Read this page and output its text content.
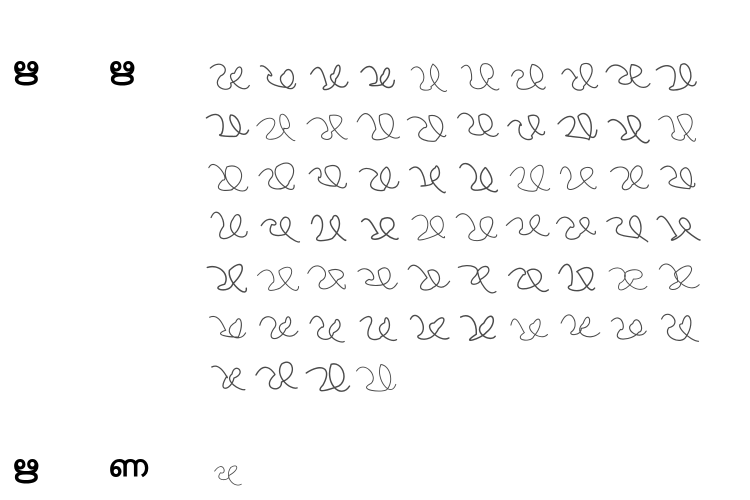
ഋ ഋ
ഋ ണ
